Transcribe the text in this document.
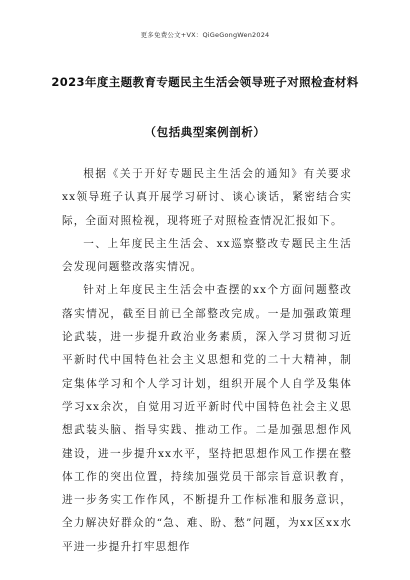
更多免费公文+VX：QiGeGongWen2024
2023年度主题教育专题民主生活会领导班子对照检查材料
（包括典型案例剖析）

根据《关于开好专题民主生活会的通知》有关要求xx领导班子认真开展学习研讨、谈心谈话，紧密结合实际，全面对照检视，现将班子对照检查情况汇报如下。

一、上年度民主生活会、xx巡察整改专题民主生活会发现问题整改落实情况。

针对上年度民主生活会中查摆的xx个方面问题整改落实情况，截至目前已全部整改完成。一是加强政策理论武装，进一步提升政治业务素质，深入学习贯彻习近平新时代中国特色社会主义思想和党的二十大精神，制定集体学习和个人学习计划，组织开展个人自学及集体学习xx余次，自觉用习近平新时代中国特色社会主义思想武装头脑、指导实践、推动工作。二是加强思想作风建设，进一步提升xx水平，坚持把思想作风工作摆在整体工作的突出位置，持续加强党员干部宗旨意识教育，进一步务实工作作风，不断提升工作标准和服务意识，全力解决好群众的“急、难、盼、愁”问题，为xx区xx水平进一步提升打牢思想作
